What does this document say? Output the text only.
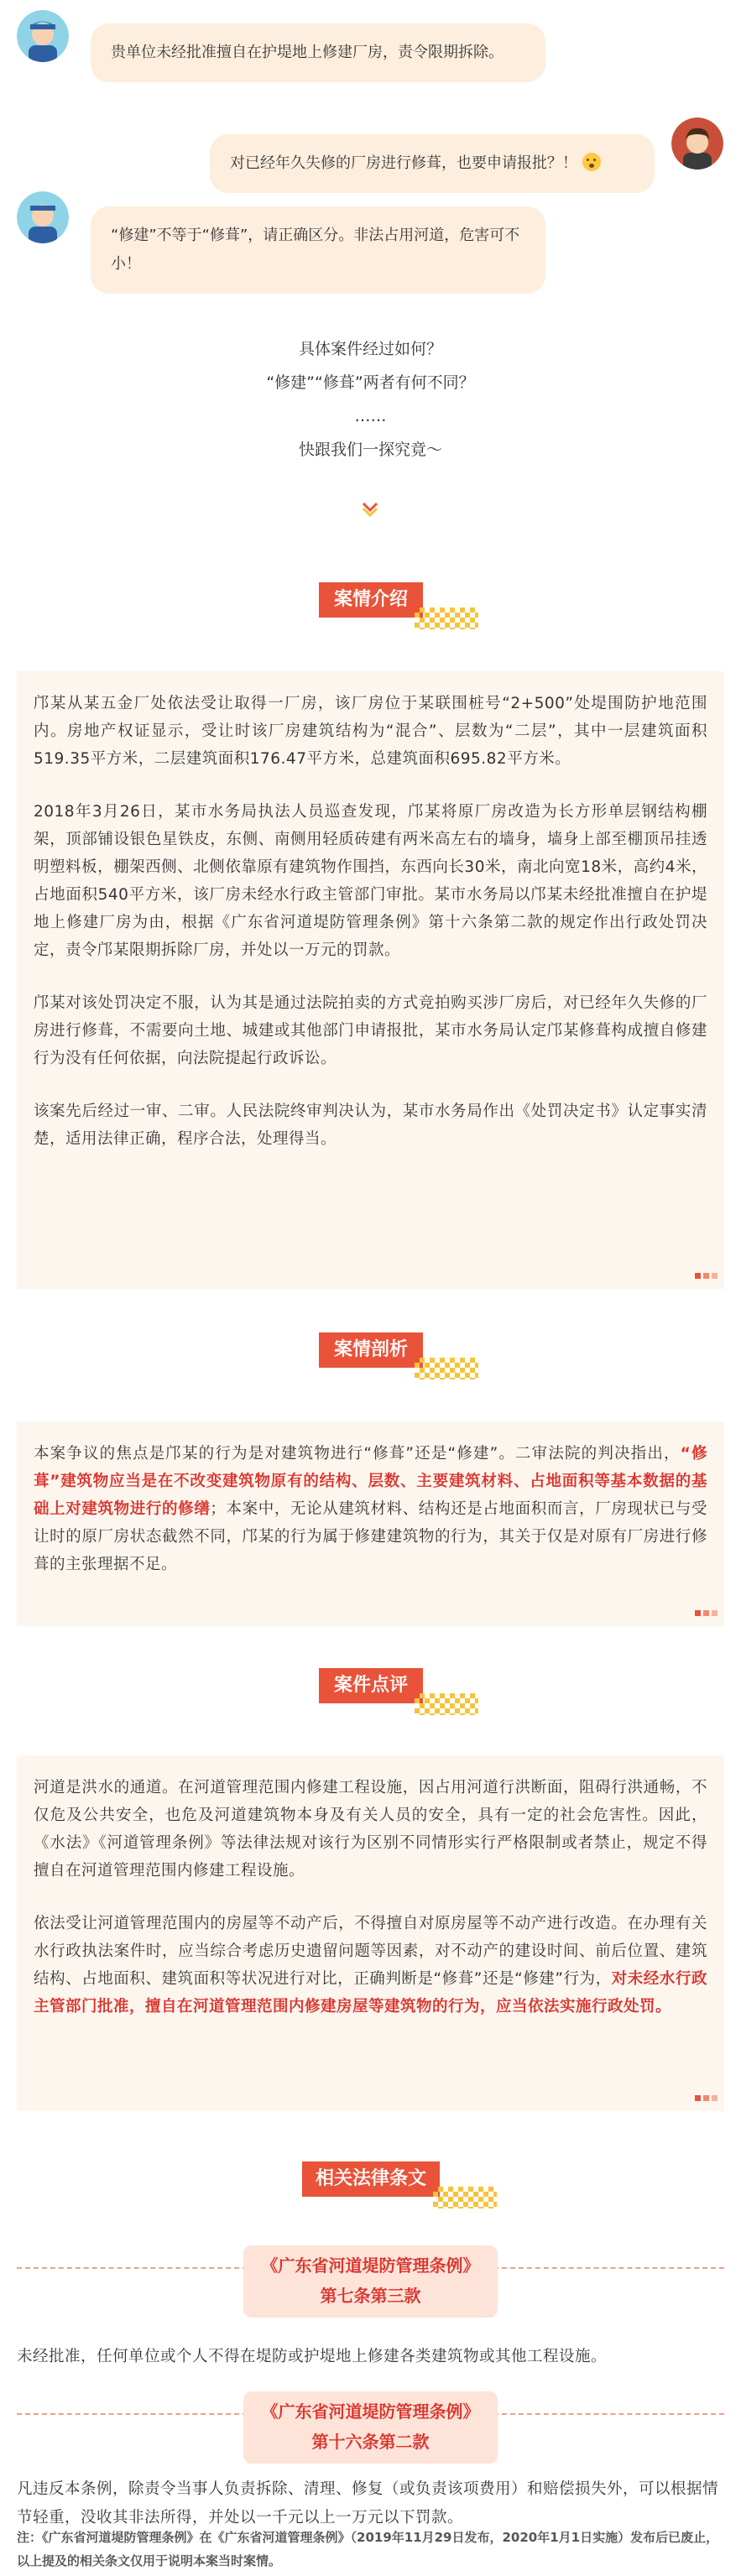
贵单位未经批准擅自在护堤地上修建厂房，责令限期拆除。
对已经年久失修的厂房进行修葺，也要申请报批？！
“修建”不等于“修葺”，请正确区分。非法占用河道，危害可不小！
具体案件经过如何？
“修建”“修葺”两者有何不同？
……
快跟我们一探究竟～
案情介绍

邝某从某五金厂处依法受让取得一厂房，该厂房位于某联围桩号“2+500”处堤围防护地范围内。房地产权证显示，受让时该厂房建筑结构为“混合”、层数为“二层”，其中一层建筑面积519.35平方米，二层建筑面积176.47平方米，总建筑面积695.82平方米。

2018年3月26日，某市水务局执法人员巡查发现，邝某将原厂房改造为长方形单层钢结构棚架，顶部铺设银色星铁皮，东侧、南侧用轻质砖建有两米高左右的墙身，墙身上部至棚顶吊挂透明塑料板，棚架西侧、北侧依靠原有建筑物作围挡，东西向长30米，南北向宽18米，高约4米，占地面积540平方米，该厂房未经水行政主管部门审批。某市水务局以邝某未经批准擅自在护堤地上修建厂房为由，根据《广东省河道堤防管理条例》第十六条第二款的规定作出行政处罚决定，责令邝某限期拆除厂房，并处以一万元的罚款。

邝某对该处罚决定不服，认为其是通过法院拍卖的方式竞拍购买涉厂房后，对已经年久失修的厂房进行修葺，不需要向土地、城建或其他部门申请报批，某市水务局认定邝某修葺构成擅自修建行为没有任何依据，向法院提起行政诉讼。

该案先后经过一审、二审。人民法院终审判决认为，某市水务局作出《处罚决定书》认定事实清楚，适用法律正确，程序合法，处理得当。

案情剖析

本案争议的焦点是邝某的行为是对建筑物进行“修葺”还是“修建”。二审法院的判决指出，“修葺”建筑物应当是在不改变建筑物原有的结构、层数、主要建筑材料、占地面积等基本数据的基础上对建筑物进行的修缮；本案中，无论从建筑材料、结构还是占地面积而言，厂房现状已与受让时的原厂房状态截然不同，邝某的行为属于修建建筑物的行为，其关于仅是对原有厂房进行修葺的主张理据不足。

案件点评

河道是洪水的通道。在河道管理范围内修建工程设施，因占用河道行洪断面，阻碍行洪通畅，不仅危及公共安全，也危及河道建筑物本身及有关人员的安全，具有一定的社会危害性。因此，《水法》《河道管理条例》等法律法规对该行为区别不同情形实行严格限制或者禁止，规定不得擅自在河道管理范围内修建工程设施。

依法受让河道管理范围内的房屋等不动产后，不得擅自对原房屋等不动产进行改造。在办理有关水行政执法案件时，应当综合考虑历史遗留问题等因素，对不动产的建设时间、前后位置、建筑结构、占地面积、建筑面积等状况进行对比，正确判断是“修葺”还是“修建”行为，对未经水行政主管部门批准，擅自在河道管理范围内修建房屋等建筑物的行为，应当依法实施行政处罚。

相关法律条文
《广东省河道堤防管理条例》
第七条第三款
未经批准，任何单位或个人不得在堤防或护堤地上修建各类建筑物或其他工程设施。
《广东省河道堤防管理条例》
第十六条第二款
凡违反本条例，除责令当事人负责拆除、清理、修复（或负责该项费用）和赔偿损失外，可以根据情节轻重，没收其非法所得，并处以一千元以上一万元以下罚款。
注：《广东省河道堤防管理条例》在《广东省河道管理条例》（2019年11月29日发布，2020年1月1日实施）发布后已废止，以上提及的相关条文仅用于说明本案当时案情。
